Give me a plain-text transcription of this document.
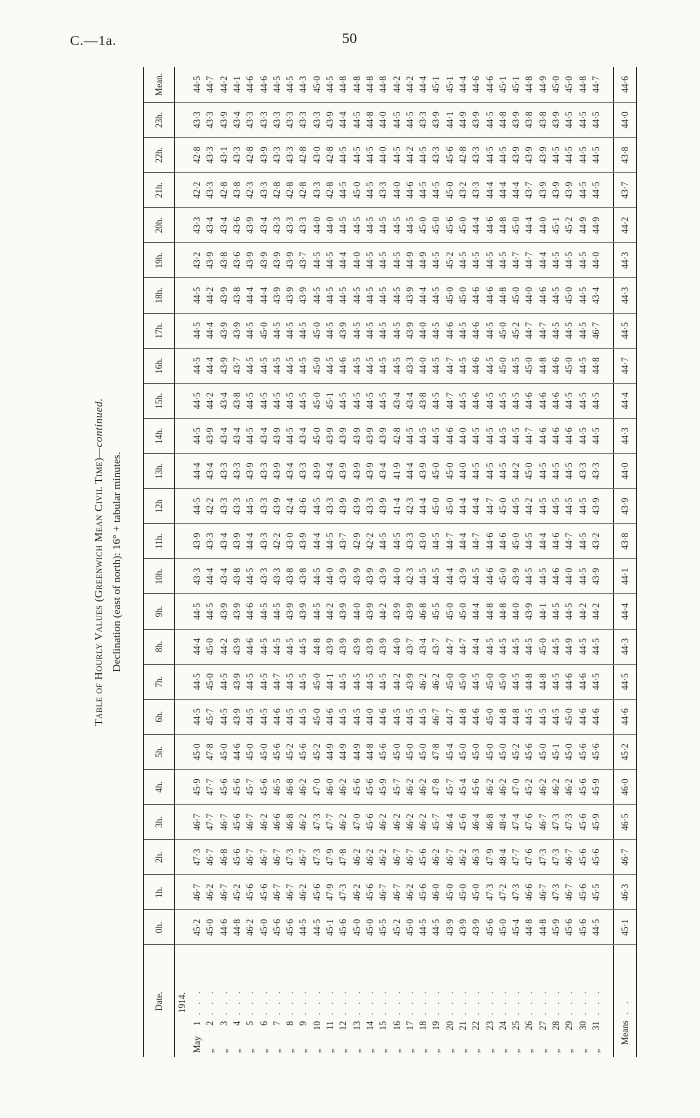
C.—1a.	50
Table of Hourly Values (Greenwich Mean Civil Time)—continued.
Declination (east of north): 16° + tabular minutes.
Date.	0h.	1h.	2h.	3h.	4h.	5h.	6h.	7h.	8h.	9h.	10h.	11h.	12h	13h.	14h.	15h.	16h.	17h.	18h.	19h.	20h.	21h.	22h.	23h.	Mean.
1914.																									
May1. . .	45·2	46·7	47·3	46·7	45·9	45·0	44·5	44·5	44·4	44·5	43·3	43·9	44·5	44·4	44·5	44·5	44·5	44·5	44·5	43·2	43·3	42·2	42·8	43·3	44·5
„2. . .	45·0	46·2	46·7	47·7	47·7	47·8	45·7	45·0	45·0	44·5	44·4	43·3	42·2	43·4	43·9	44·2	44·4	44·4	44·2	43·9	43·4	43·3	43·3	43·3	44·7
„3. . .	44·6	46·7	46·8	46·7	45·6	45·0	44·5	44·5	44·2	43·9	43·4	43·4	43·3	43·3	43·4	43·4	43·9	43·9	43·9	43·8	43·4	42·8	43·1	43·9	44·2
„4. . .	44·8	45·2	45·6	45·6	45·6	44·6	43·9	43·9	43·9	43·9	43·8	43·9	43·3	43·3	43·4	43·8	43·7	43·9	43·8	43·6	43·6	43·8	43·3	43·4	44·1
„5. . .	46·2	45·6	46·7	46·7	45·7	45·0	44·5	44·5	44·6	44·6	44·5	44·4	44·5	43·9	44·5	44·5	44·5	44·5	44·4	43·9	43·9	42·3	42·8	43·3	44·6
„6. . .	45·0	45·6	46·7	46·2	45·6	45·0	44·5	44·5	44·5	44·5	43·3	43·3	43·3	43·3	43·4	44·5	44·5	45·0	44·4	43·9	43·4	43·3	43·9	43·3	44·6
„7. . .	45·6	46·7	46·7	46·6	46·5	45·6	44·6	44·7	44·5	44·5	43·3	42·2	43·9	43·9	43·9	44·5	44·5	44·5	43·9	43·9	43·3	42·8	43·3	43·3	44·5
„8. . .	45·6	46·7	47·3	46·8	46·8	45·2	44·5	44·5	44·5	43·9	43·8	43·0	42·4	43·4	44·5	44·5	44·5	44·5	43·9	43·9	43·3	42·8	43·3	43·3	44·5
„9. . .	44·5	46·2	46·7	46·2	46·2	45·6	44·5	44·5	44·5	43·9	43·8	43·9	43·6	43·3	43·4	44·5	44·5	44·5	43·9	43·7	43·3	42·8	42·8	43·3	44·3
„10. . .	44·5	45·6	47·3	47·3	47·0	45·2	45·0	45·0	44·8	44·5	44·5	44·4	44·5	43·9	45·0	45·0	45·0	45·0	44·5	44·5	44·0	43·3	43·0	43·3	45·0
„11. . .	45·1	47·9	47·9	47·7	46·0	44·9	44·6	44·1	43·9	44·2	44·0	44·5	43·3	43·4	43·9	45·1	44·5	44·5	44·5	44·5	44·0	42·8	42·8	43·9	44·5
„12. . .	45·6	47·3	47·8	46·2	46·2	44·9	44·5	44·5	43·9	43·9	43·9	43·7	43·9	43·9	43·9	44·5	44·6	43·9	44·5	44·4	44·5	44·5	44·5	44·4	44·8
„13. . .	45·0	46·2	46·2	47·0	45·6	44·9	44·5	44·5	43·9	44·0	43·9	42·9	43·9	43·9	43·9	44·5	44·5	44·5	44·5	44·0	44·5	45·0	44·5	44·5	44·8
„14. . .	45·0	45·6	46·2	45·6	45·6	44·8	44·0	44·5	43·9	43·9	43·9	42·2	43·3	43·9	43·9	44·5	44·5	44·5	44·5	44·5	44·5	44·5	44·5	44·8	44·8
„15. . .	45·5	46·7	46·2	46·2	45·9	45·6	44·6	44·5	43·9	44·2	43·9	44·5	43·9	43·4	43·9	44·5	44·5	44·5	44·5	44·5	44·5	43·3	44·0	44·0	44·8
„16. . .	45·2	46·7	46·7	46·2	45·7	45·0	44·5	44·2	44·0	43·9	44·0	44·5	41·4	41·9	42·8	43·4	44·5	44·5	44·5	44·5	44·5	44·0	44·5	44·5	44·2
„17. . .	45·0	46·2	46·7	46·2	46·2	45·0	44·5	43·9	43·7	43·9	42·3	43·3	42·3	44·4	44·5	43·4	43·3	43·9	43·9	44·9	44·5	44·6	44·2	44·5	44·2
„18. . .	44·5	45·6	45·6	46·2	46·2	45·0	44·5	46·2	43·4	46·8	44·5	43·0	44·4	43·9	44·5	43·8	44·0	44·0	44·4	44·9	45·0	44·5	44·5	43·3	44·4
„19. . .	44·5	46·0	46·2	45·7	47·8	47·8	46·7	46·2	43·7	45·5	44·5	44·5	45·0	45·0	44·5	44·5	44·5	44·5	44·5	44·5	45·0	44·5	43·3	43·9	45·1
„20. . .	43·9	45·0	46·7	46·4	45·7	45·4	44·7	45·0	44·7	45·0	44·4	44·7	45·0	45·0	44·6	44·7	44·7	44·6	45·0	45·2	45·6	45·0	45·6	44·1	45·1
„21. . .	43·9	45·0	46·2	45·6	45·4	45·0	44·8	45·0	44·7	45·0	43·9	44·4	44·4	44·0	44·0	44·5	44·5	44·5	45·0	44·5	45·0	43·2	42·8	44·9	44·4
„22. . .	43·9	45·0	46·3	46·4	45·6	45·0	44·6	44·5	44·4	44·4	44·5	44·7	44·4	44·5	44·5	44·6	44·6	44·6	44·6	44·5	44·4	43·3	43·3	43·9	44·6
„23. . .	45·6	47·3	47·9	46·8	46·2	45·0	45·0	45·0	44·5	44·8	44·6	44·6	44·7	44·5	44·5	44·5	44·5	44·5	44·6	44·5	44·6	44·4	44·5	44·5	44·6
„24. . .	45·0	47·2	48·4	48·4	46·2	45·0	44·8	45·0	44·5	44·8	45·0	44·6	45·0	44·5	44·5	44·5	45·0	45·0	44·8	44·5	44·8	44·4	44·5	44·8	45·1
„25. . .	45·4	47·3	47·7	47·4	47·0	45·2	44·8	44·5	44·5	44·0	43·9	45·0	44·5	44·2	44·5	44·5	44·5	45·2	45·0	44·7	45·0	44·4	43·9	43·9	45·1
„26. . .	44·8	46·6	47·6	47·6	45·2	45·6	44·5	44·8	44·5	43·9	44·5	44·5	44·2	45·0	44·7	44·6	45·0	44·7	44·0	44·7	44·4	43·7	43·9	43·8	44·8
„27. . .	44·8	46·7	47·3	46·7	46·2	45·0	44·5	44·8	45·0	44·1	44·5	44·4	44·5	44·5	44·6	44·6	44·8	44·7	44·6	44·4	44·0	43·9	43·9	43·8	44·9
„28. . .	45·9	47·3	47·3	47·3	46·2	45·1	44·5	44·5	44·5	44·5	44·6	44·6	44·5	44·5	44·6	44·6	44·6	44·5	44·5	44·5	45·1	43·9	44·5	43·9	45·0
„29. . .	45·6	46·7	46·7	47·3	46·2	45·0	45·0	44·6	44·9	44·5	44·0	44·7	44·5	44·5	44·6	44·5	45·0	44·5	45·0	44·5	45·2	43·9	44·5	44·5	45·0
„30. . .	45·6	45·6	45·6	45·6	45·6	45·6	44·6	44·6	44·5	44·2	44·5	44·5	44·5	43·3	44·5	44·5	44·5	44·5	44·5	44·5	44·9	44·5	44·5	44·5	44·8
„31. . .	44·5	45·5	45·6	45·9	45·9	45·6	44·6	44·5	44·5	44·2	43·9	43·2	43·9	43·3	44·5	44·5	44·8	46·7	43·4	44·0	44·9	44·5	44·5	44·5	44·7

Means. .	45·1	46·3	46·7	46·5	46·0	45·2	44·6	44·5	44·3	44·4	44·1	43·8	43·9	44·0	44·3	44·4	44·7	44·5	44·3	44·3	44·2	43·7	43·8	44·0	44·6
